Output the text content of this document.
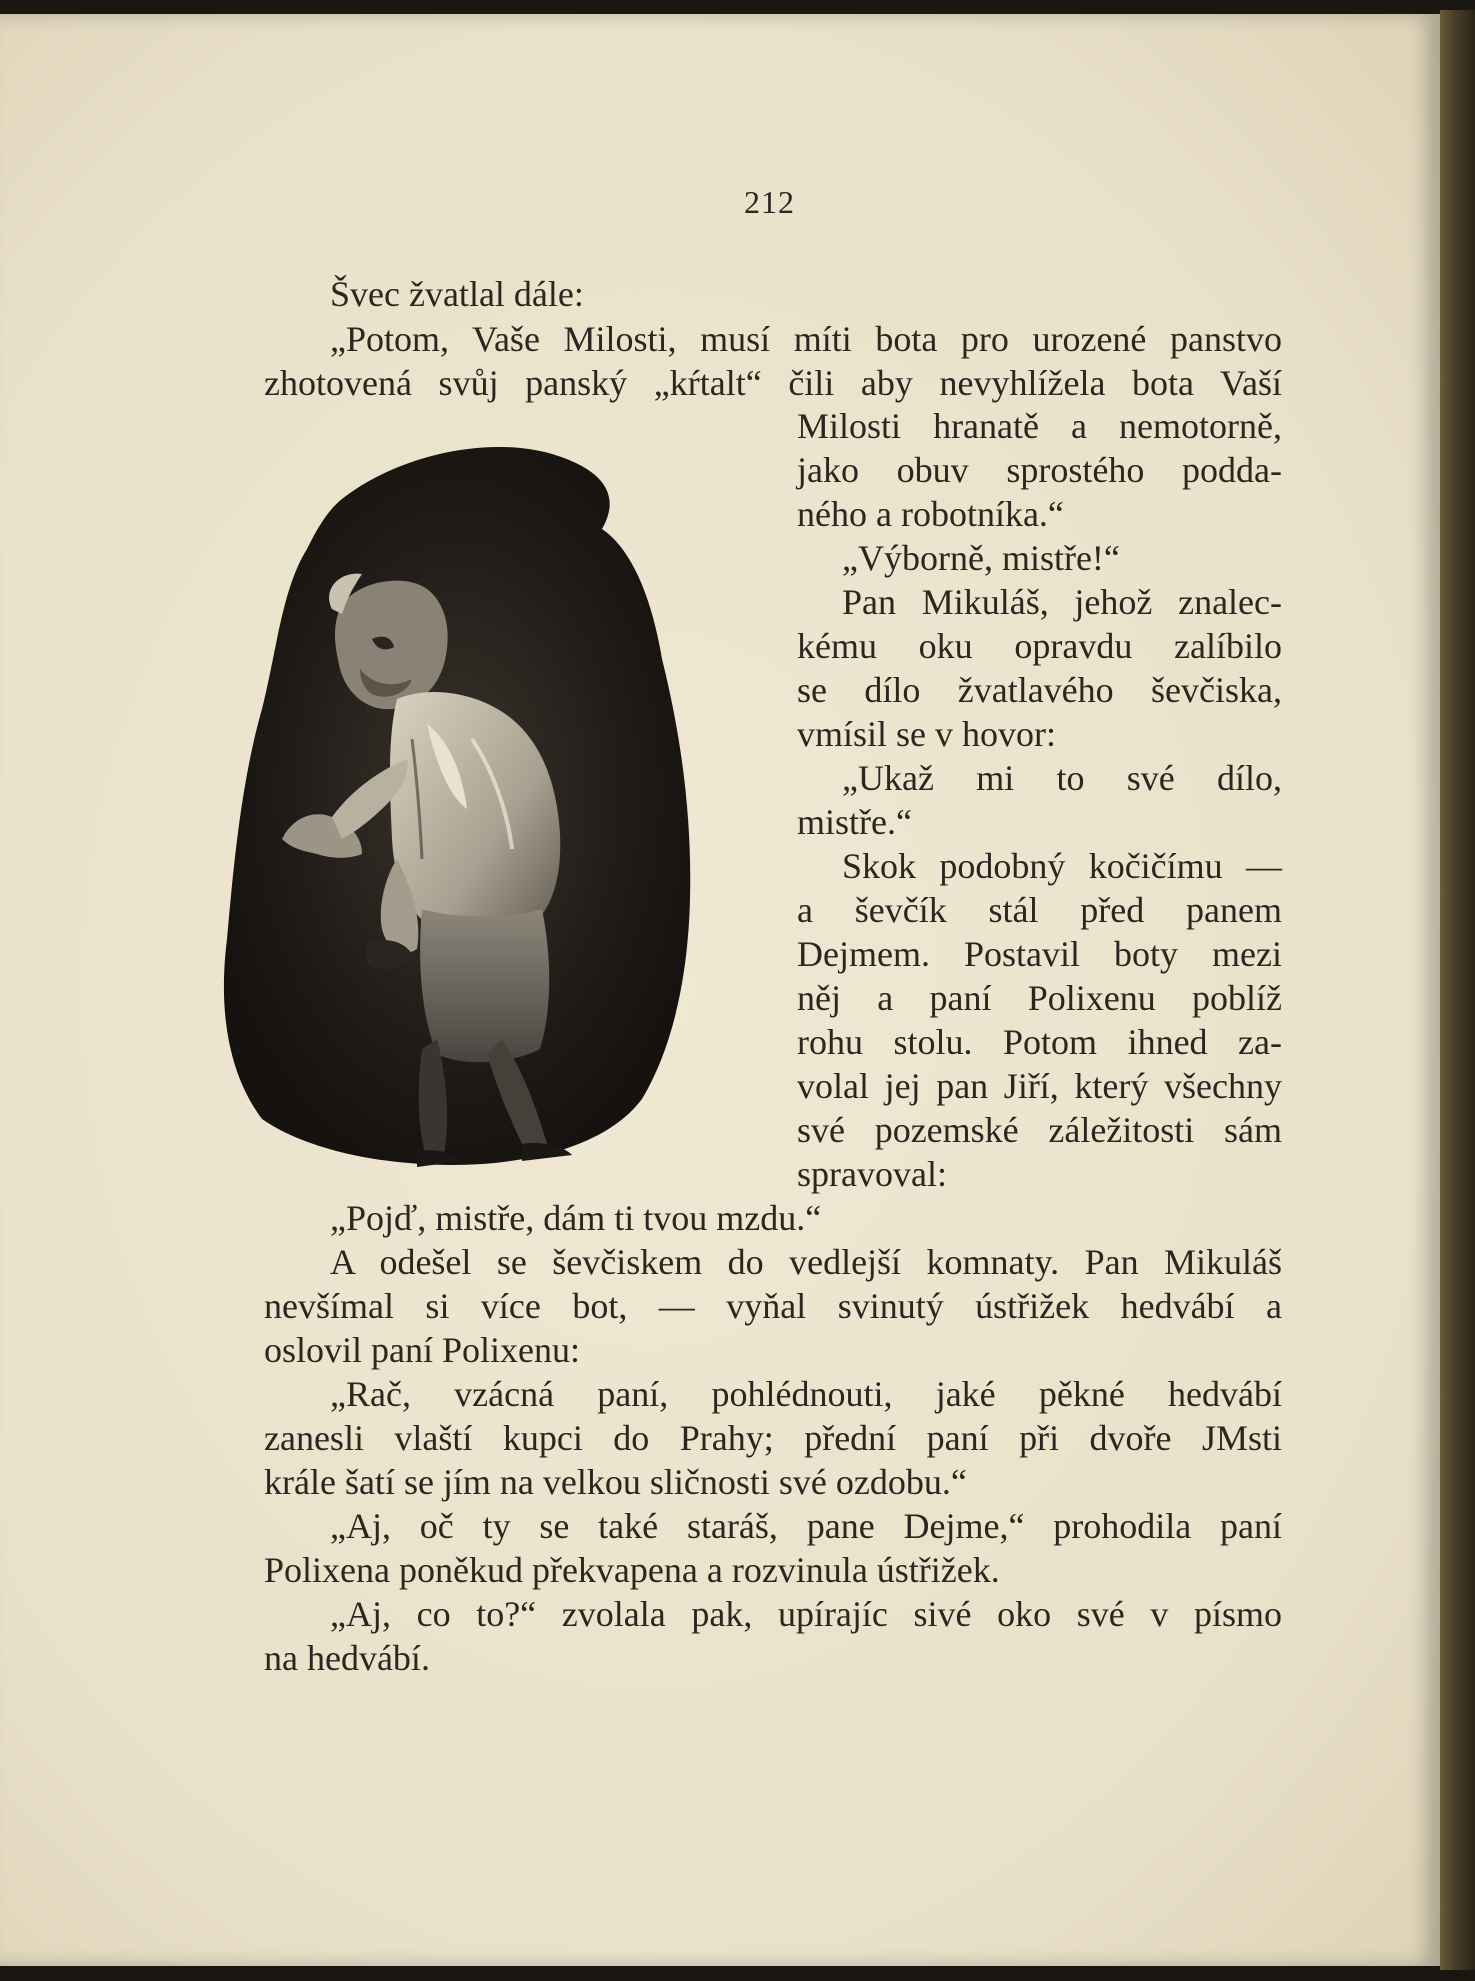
212
Švec žvatlal dále:
„Potom, Vaše Milosti, musí míti bota pro urozené panstvo
zhotovená svůj panský „kŕtalt“ čili aby nevyhlížela bota Vaší
Milosti hranatě a nemotorně,
jako obuv sprostého podda-
ného a robotníka.“
„Výborně, mistře!“
Pan Mikuláš, jehož znalec-
kému oku opravdu zalíbilo
se dílo žvatlavého ševčiska,
vmísil se v hovor:
„Ukaž mi to své dílo,
mistře.“
Skok podobný kočičímu —
a ševčík stál před panem
Dejmem. Postavil boty mezi
něj a paní Polixenu poblíž
rohu stolu. Potom ihned za-
volal jej pan Jiří, který všechny
své pozemské záležitosti sám
spravoval:
„Pojď, mistře, dám ti tvou mzdu.“
A odešel se ševčiskem do vedlejší komnaty. Pan Mikuláš
nevšímal si více bot, — vyňal svinutý ústřižek hedvábí a
oslovil paní Polixenu:
„Rač, vzácná paní, pohlédnouti, jaké pěkné hedvábí
zanesli vlaští kupci do Prahy; přední paní při dvoře JMsti
krále šatí se jím na velkou sličnosti své ozdobu.“
„Aj, oč ty se také staráš, pane Dejme,“ prohodila paní
Polixena poněkud překvapena a rozvinula ústřižek.
„Aj, co to?“ zvolala pak, upírajíc sivé oko své v písmo
na hedvábí.
